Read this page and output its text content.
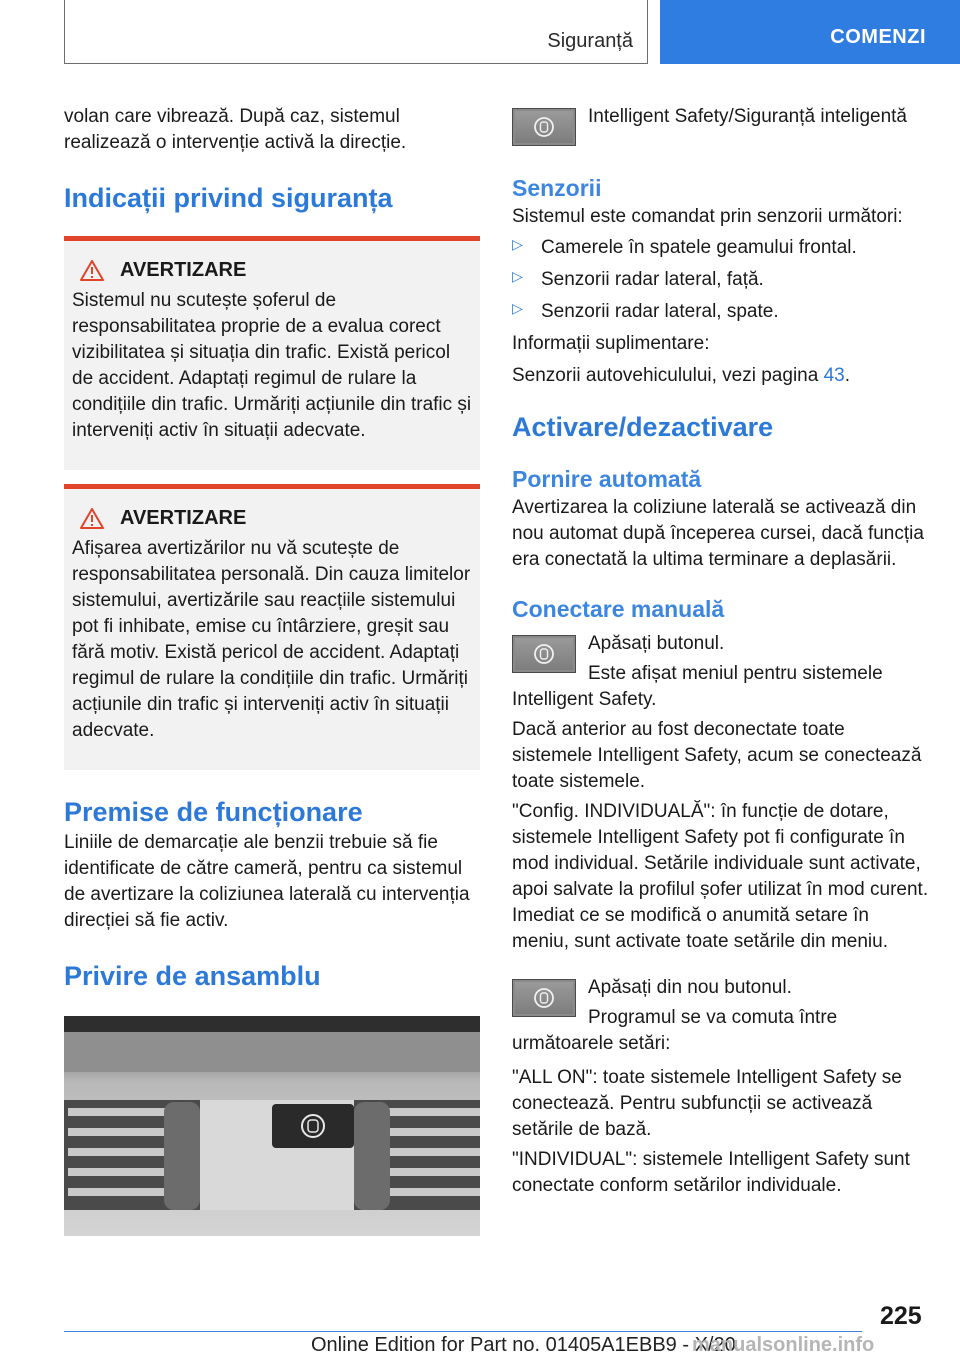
Siguranță	COMENZI

volan care vibrează. După caz, sistemul realizează o intervenție activă la direcție.

Indicații privind siguranța
AVERTIZARE

Sistemul nu scutește șoferul de responsabilitatea proprie de a evalua corect vizibilitatea și situația din trafic. Există pericol de accident. Adaptați regimul de rulare la condițiile din trafic. Urmăriți acțiunile din trafic și interveniți activ în situații adecvate.

AVERTIZARE

Afișarea avertizărilor nu vă scutește de responsabilitatea personală. Din cauza limitelor sistemului, avertizările sau reacțiile sistemului pot fi inhibate, emise cu întârziere, greșit sau fără motiv. Există pericol de accident. Adaptați regimul de rulare la condițiile din trafic. Urmăriți acțiunile din trafic și interveniți activ în situații adecvate.

Premise de funcționare

Liniile de demarcație ale benzii trebuie să fie identificate de către cameră, pentru ca sistemul de avertizare la coliziunea laterală cu intervenția direcției să fie activ.

Privire de ansamblu

Intelligent Safety/Siguranță inteligentă

Senzorii

Sistemul este comandat prin senzorii următori:

▷ Camerele în spatele geamului frontal.

▷ Senzorii radar lateral, față.

▷ Senzorii radar lateral, spate.

Informații suplimentare:

Senzorii autovehiculului, vezi pagina 43.

Activare/dezactivare
Pornire automată

Avertizarea la coliziune laterală se activează din nou automat după începerea cursei, dacă funcția era conectată la ultima terminare a deplasării.

Conectare manuală

Apăsați butonul.

Este afișat meniul pentru sistemele Intelligent Safety.

Dacă anterior au fost deconectate toate sistemele Intelligent Safety, acum se conectează toate sistemele.

"Config. INDIVIDUALĂ": în funcție de dotare, sistemele Intelligent Safety pot fi configurate în mod individual. Setările individuale sunt activate, apoi salvate la profilul șofer utilizat în mod curent. Imediat ce se modifică o anumită setare în meniu, sunt activate toate setările din meniu.

Apăsați din nou butonul.

Programul se va comuta între următoarele setări:

"ALL ON": toate sistemele Intelligent Safety se conectează. Pentru subfuncții se activează setările de bază.

"INDIVIDUAL": sistemele Intelligent Safety sunt conectate conform setărilor individuale.

225
Online Edition for Part no. 01405A1EBB9 - X/20
manualsonline.info
